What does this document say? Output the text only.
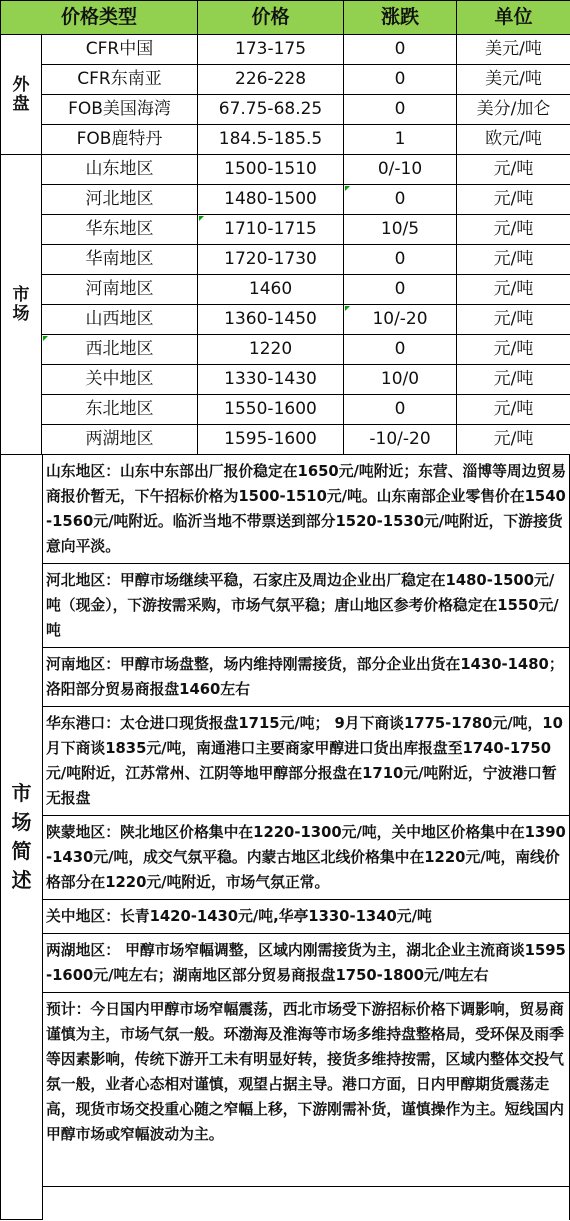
价格类型		价格	涨跌	单位

外盘	CFR中国	173-175	0	美元/吨
	CFR东南亚	226-228	0	美元/吨
	FOB美国海湾	67.75-68.25	0	美分/加仑
	FOB鹿特丹	184.5-185.5	1	欧元/吨

市场	山东地区	1500-1510	0/-10	元/吨
	河北地区	1480-1500	0	元/吨
	华东地区	1710-1715	10/5	元/吨
	华南地区	1720-1730	0	元/吨
	河南地区	1460	0	元/吨
	山西地区	1360-1450	10/-20	元/吨
	西北地区	1220	0	元/吨
	关中地区	1330-1430	10/0	元/吨
	东北地区	1550-1600	0	元/吨
	两湖地区	1595-1600	-10/-20	元/吨
市场简述
山东地区：山东中东部出厂报价稳定在1650元/吨附近；东营、淄博等周边贸易商报价暂无，下午招标价格为1500-1510元/吨。山东南部企业零售价在1540-1560元/吨附近。临沂当地不带票送到部分1520-1530元/吨附近，下游接货意向平淡。
河北地区：甲醇市场继续平稳，石家庄及周边企业出厂稳定在1480-1500元/吨（现金），下游按需采购，市场气氛平稳；唐山地区参考价格稳定在1550元/吨
河南地区：甲醇市场盘整，场内维持刚需接货，部分企业出货在1430-1480；洛阳部分贸易商报盘1460左右
华东港口：太仓进口现货报盘1715元/吨； 9月下商谈1775-1780元/吨，10月下商谈1835元/吨，南通港口主要商家甲醇进口货出库报盘至1740-1750元/吨附近，江苏常州、江阴等地甲醇部分报盘在1710元/吨附近，宁波港口暂无报盘
陕蒙地区：陕北地区价格集中在1220-1300元/吨，关中地区价格集中在1390-1430元/吨，成交气氛平稳。内蒙古地区北线价格集中在1220元/吨，南线价格部分在1220元/吨附近，市场气氛正常。
关中地区：长青1420-1430元/吨,华亭1330-1340元/吨
两湖地区： 甲醇市场窄幅调整，区域内刚需接货为主，湖北企业主流商谈1595-1600元/吨左右；湖南地区部分贸易商报盘1750-1800元/吨左右
预计：今日国内甲醇市场窄幅震荡，西北市场受下游招标价格下调影响，贸易商谨慎为主，市场气氛一般。环渤海及淮海等市场多维持盘整格局，受环保及雨季等因素影响，传统下游开工未有明显好转，接货多维持按需，区域内整体交投气氛一般，业者心态相对谨慎，观望占据主导。港口方面，日内甲醇期货震荡走高，现货市场交投重心随之窄幅上移，下游刚需补货，谨慎操作为主。短线国内甲醇市场或窄幅波动为主。
